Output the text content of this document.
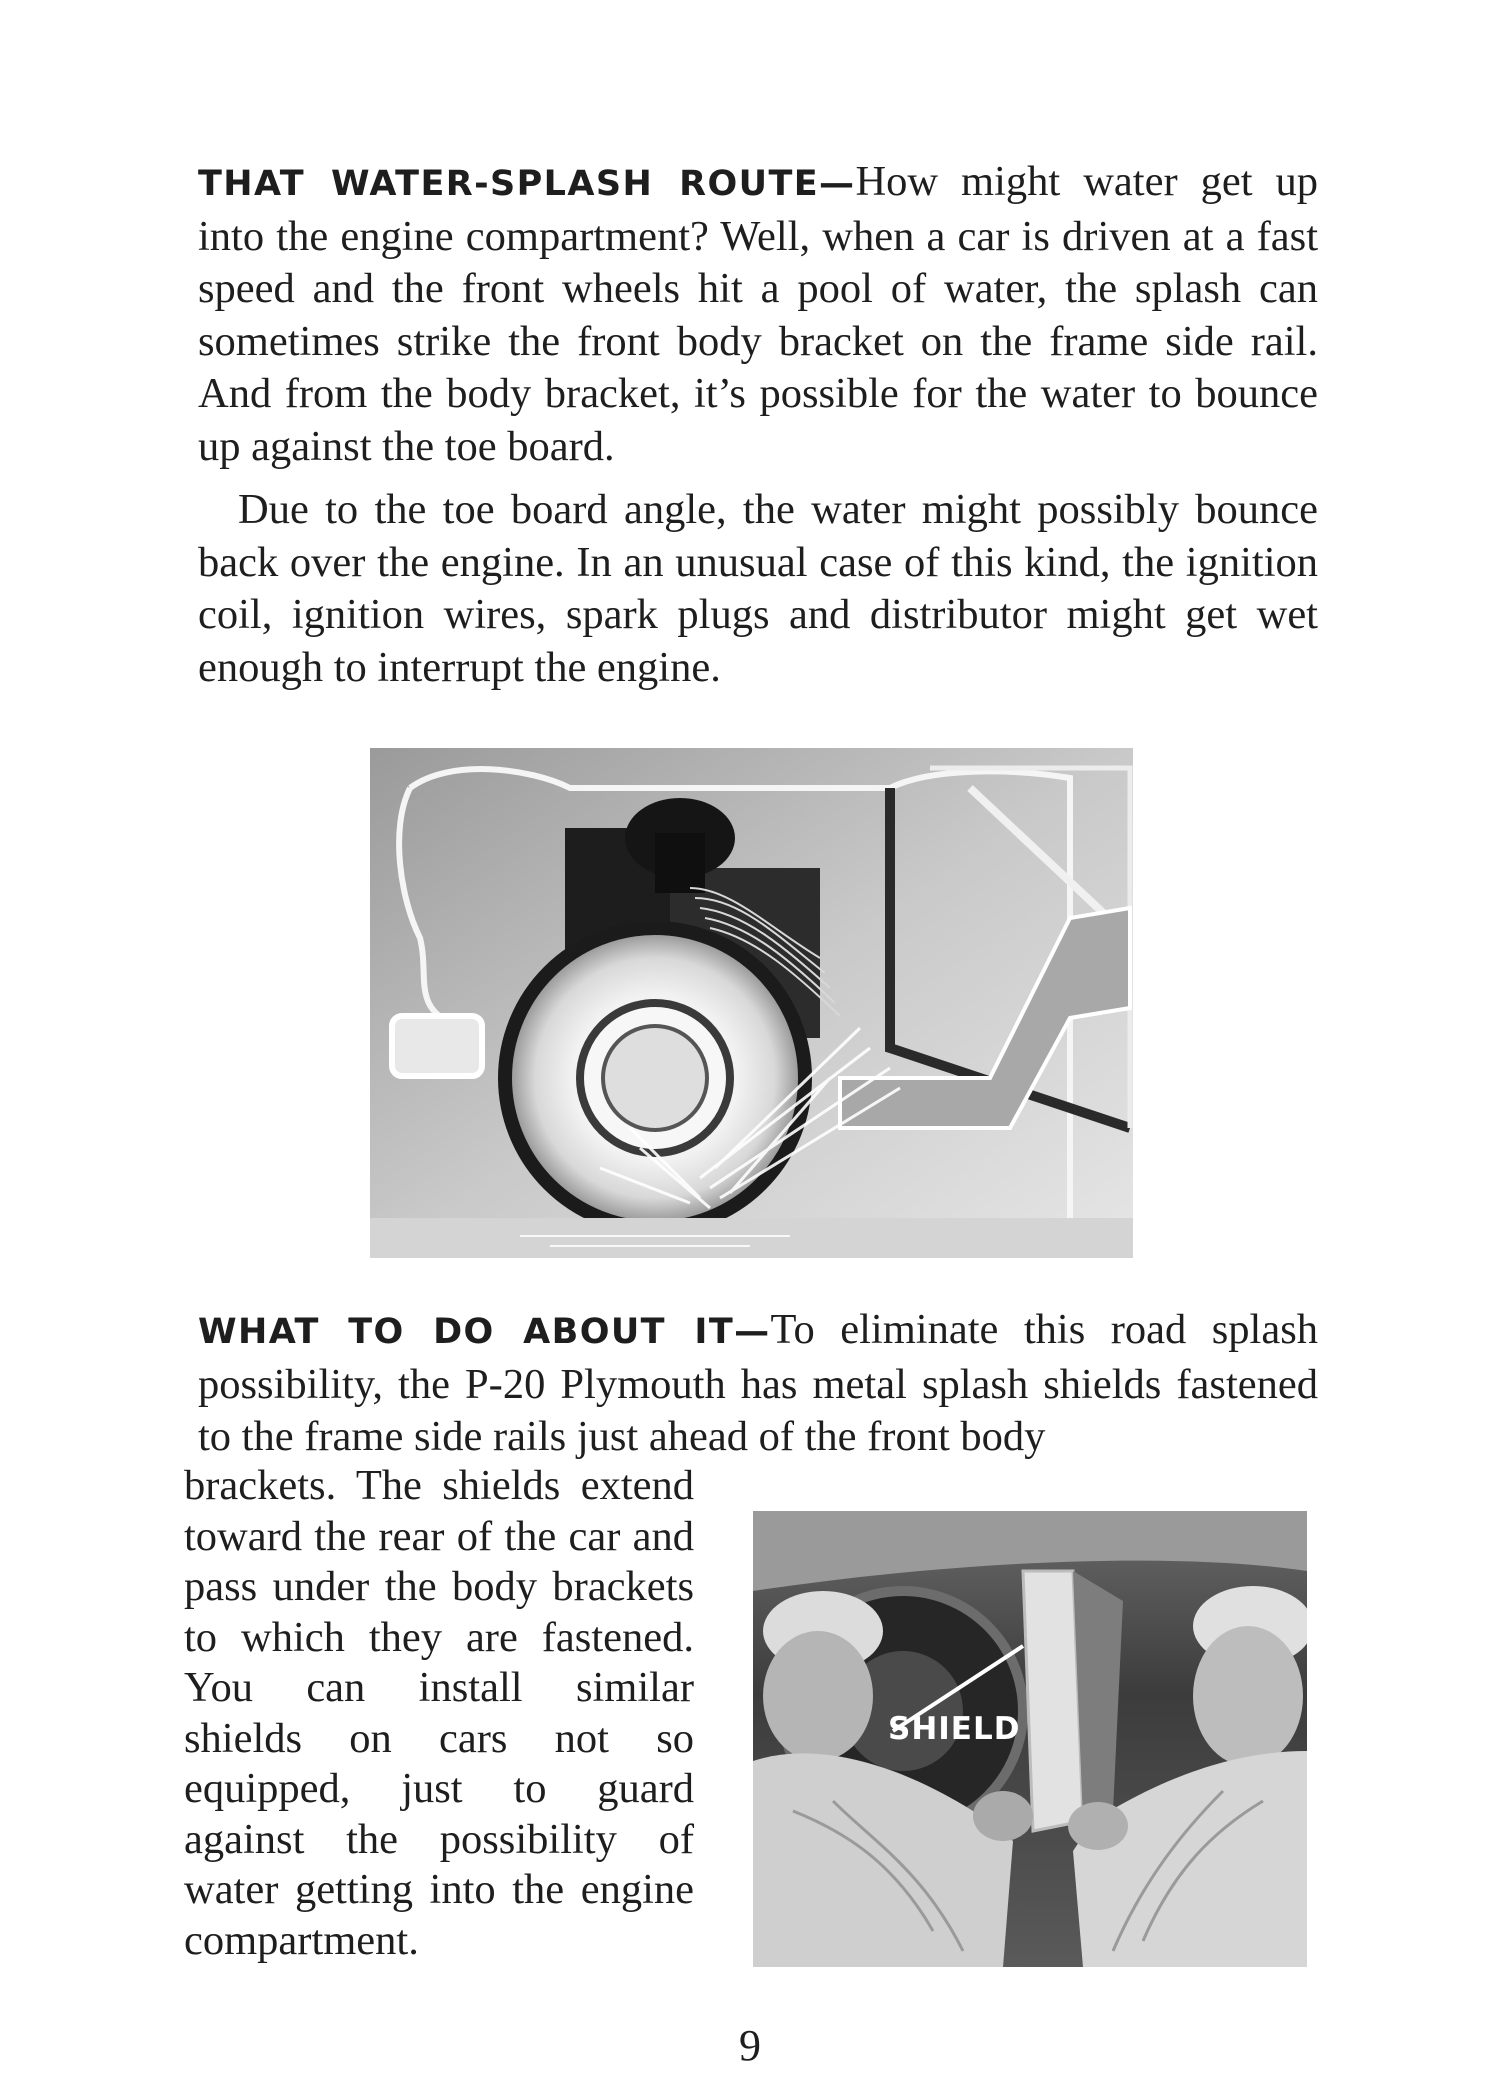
THAT WATER-SPLASH ROUTE—How might water get up into the engine compartment? Well, when a car is driven at a fast speed and the front wheels hit a pool of water, the splash can sometimes strike the front body bracket on the frame side rail. And from the body bracket, it’s possible for the water to bounce up against the toe board.
Due to the toe board angle, the water might possibly bounce back over the engine. In an unusual case of this kind, the ignition coil, ignition wires, spark plugs and distributor might get wet enough to interrupt the engine.
WHAT TO DO ABOUT IT—To eliminate this road splash possibility, the P-20 Plymouth has metal splash shields fastened to the frame side rails just ahead of the front body
brackets. The shields extend toward the rear of the car and pass under the body brackets to which they are fastened. You can install similar shields on cars not so equipped, just to guard against the possibility of water getting into the engine compartment.
SHIELD
9
